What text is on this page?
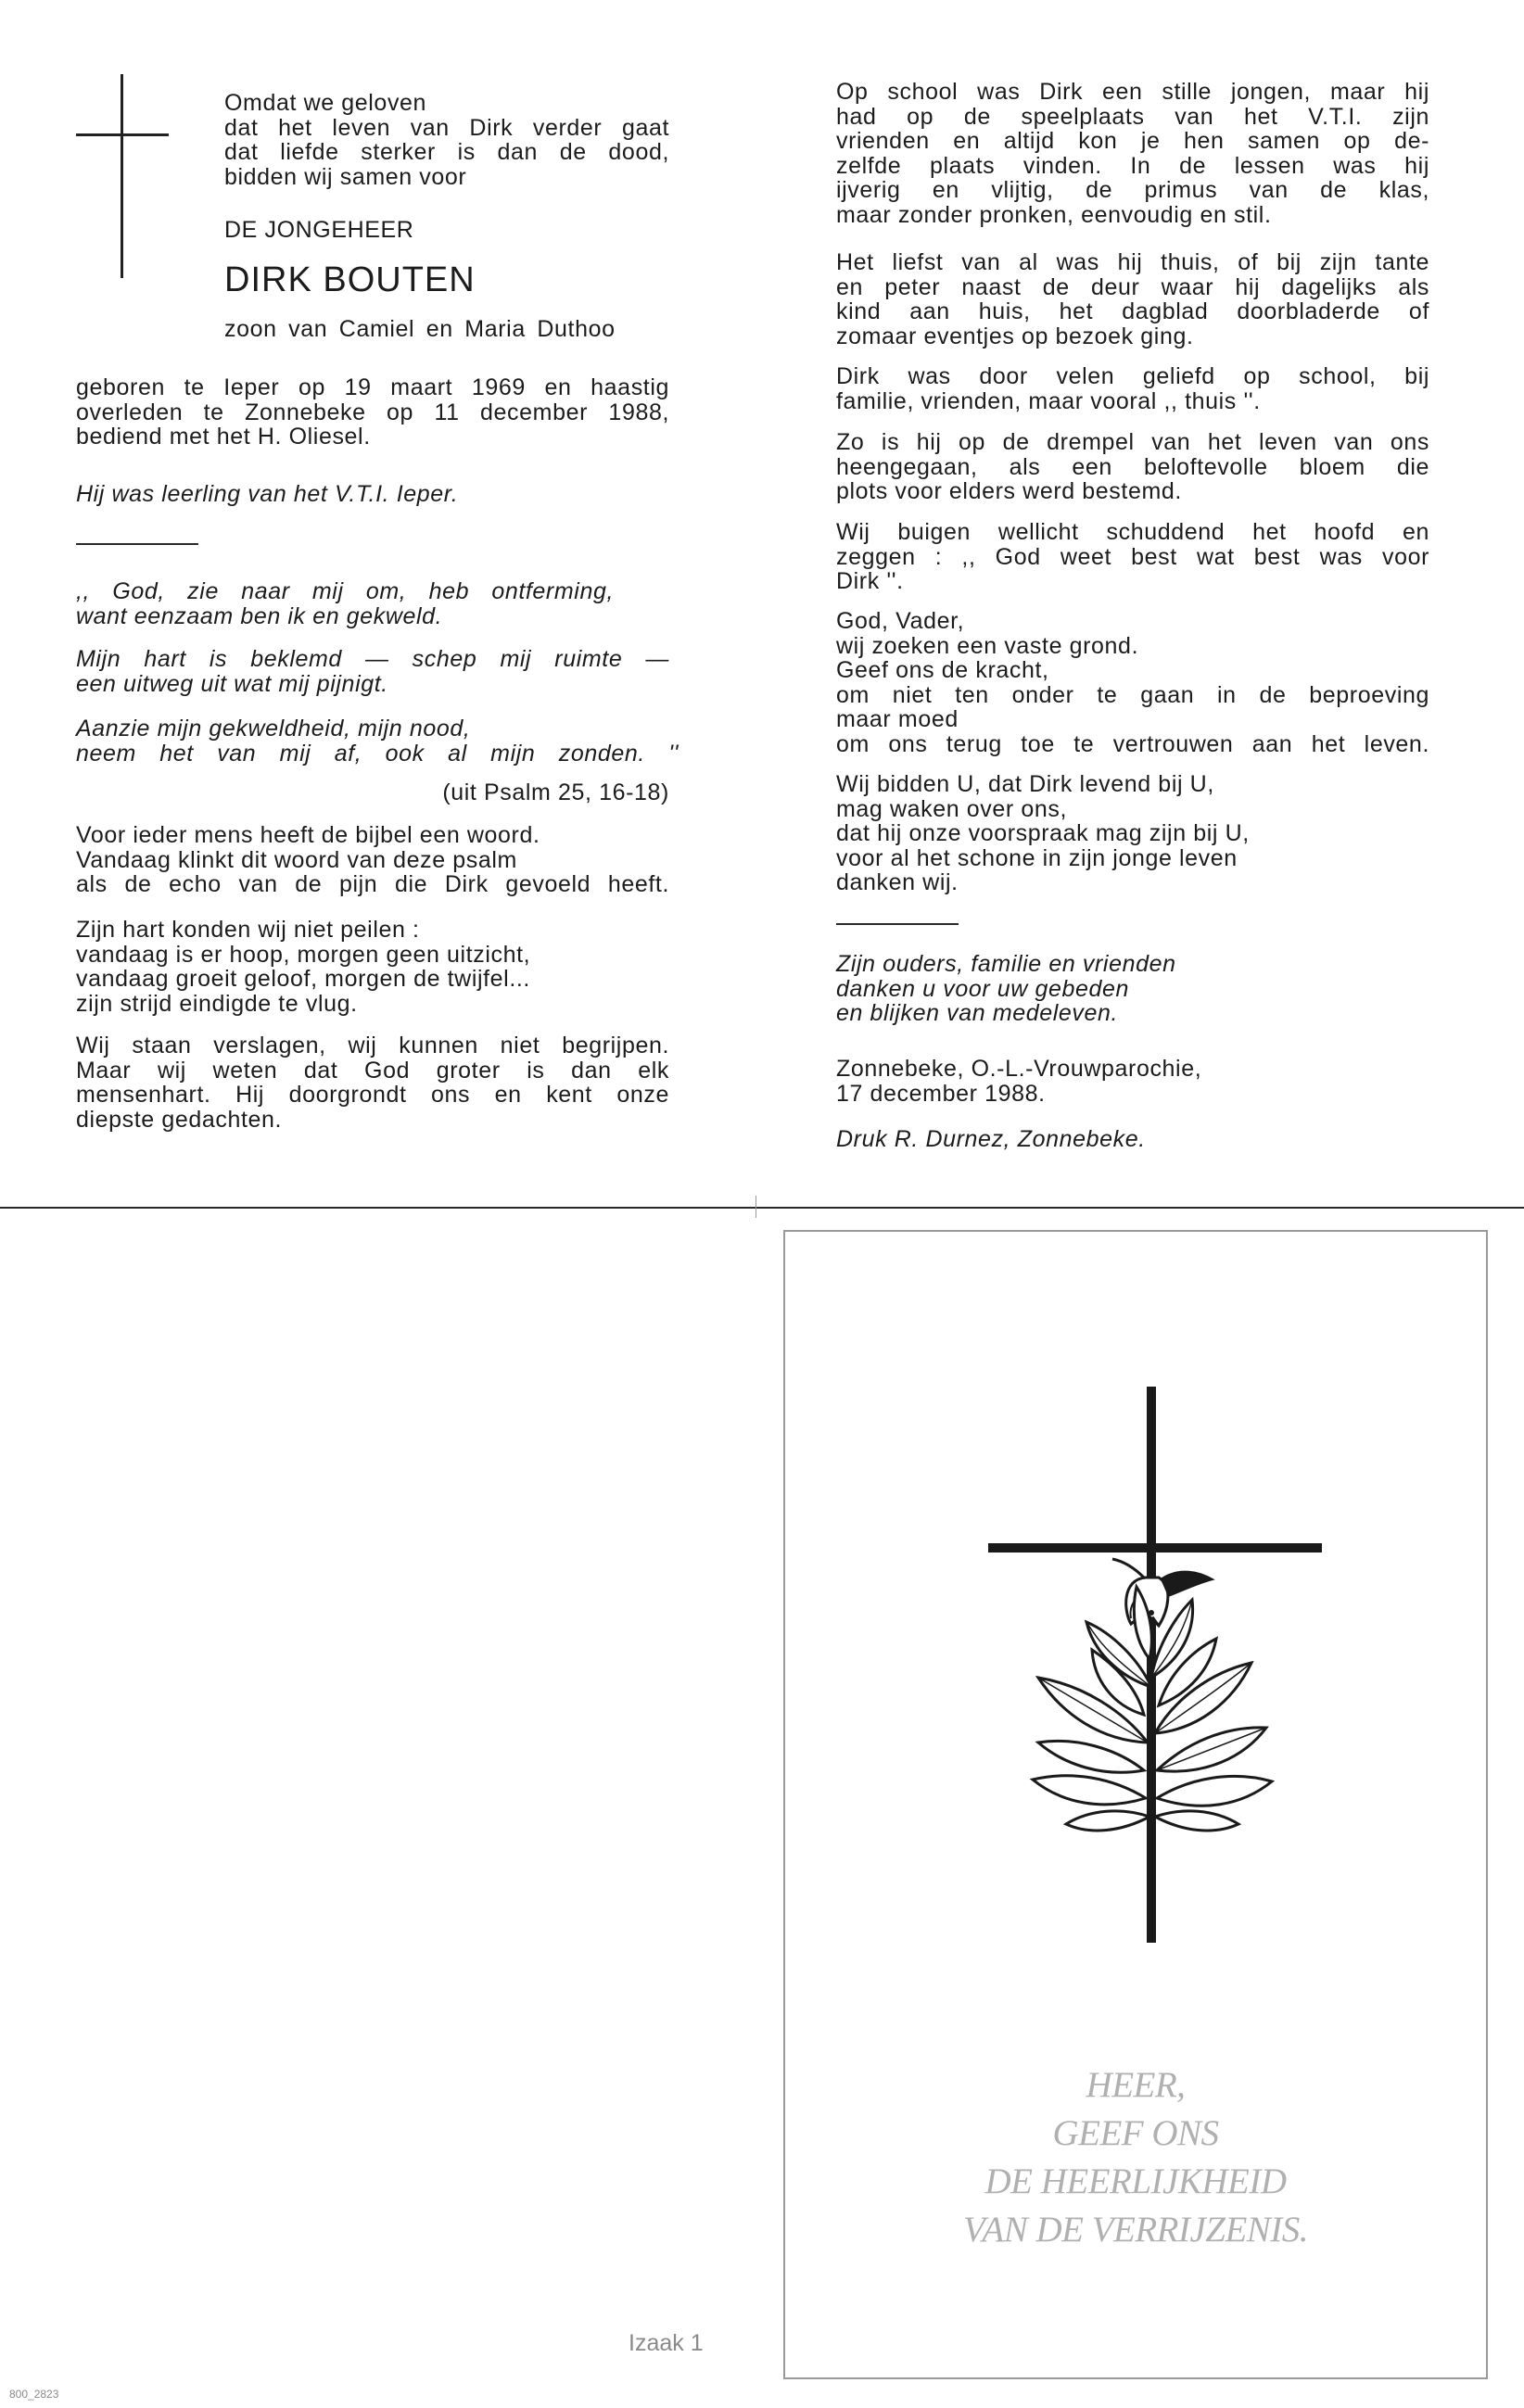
Omdat we geloven
dat het leven van Dirk verder gaat
dat liefde sterker is dan de dood,
bidden wij samen voor
DE JONGEHEER
DIRK BOUTEN
zoon van Camiel en Maria Duthoo
geboren te Ieper op 19 maart 1969 en haastig
overleden te Zonnebeke op 11 december 1988,
bediend met het H. Oliesel.
Hij was leerling van het V.T.I. Ieper.
,, God, zie naar mij om, heb ontferming,
want eenzaam ben ik en gekweld.
Mijn hart is beklemd — schep mij ruimte —
een uitweg uit wat mij pijnigt.
Aanzie mijn gekweldheid, mijn nood,
neem het van mij af, ook al mijn zonden. ''
(uit Psalm 25, 16-18)
Voor ieder mens heeft de bijbel een woord.
Vandaag klinkt dit woord van deze psalm
als de echo van de pijn die Dirk gevoeld heeft.
Zijn hart konden wij niet peilen :
vandaag is er hoop, morgen geen uitzicht,
vandaag groeit geloof, morgen de twijfel...
zijn strijd eindigde te vlug.
Wij staan verslagen, wij kunnen niet begrijpen.
Maar wij weten dat God groter is dan elk
mensenhart. Hij doorgrondt ons en kent onze
diepste gedachten.
Op school was Dirk een stille jongen, maar hij
had op de speelplaats van het V.T.I. zijn
vrienden en altijd kon je hen samen op de-
zelfde plaats vinden. In de lessen was hij
ijverig en vlijtig, de primus van de klas,
maar zonder pronken, eenvoudig en stil.
Het liefst van al was hij thuis, of bij zijn tante
en peter naast de deur waar hij dagelijks als
kind aan huis, het dagblad doorbladerde of
zomaar eventjes op bezoek ging.
Dirk was door velen geliefd op school, bij
familie, vrienden, maar vooral ,, thuis ''.
Zo is hij op de drempel van het leven van ons
heengegaan, als een beloftevolle bloem die
plots voor elders werd bestemd.
Wij buigen wellicht schuddend het hoofd en
zeggen : ,, God weet best wat best was voor
Dirk ''.
God, Vader,
wij zoeken een vaste grond.
Geef ons de kracht,
om niet ten onder te gaan in de beproeving
maar moed
om ons terug toe te vertrouwen aan het leven.
Wij bidden U, dat Dirk levend bij U,
mag waken over ons,
dat hij onze voorspraak mag zijn bij U,
voor al het schone in zijn jonge leven
danken wij.
Zijn ouders, familie en vrienden
danken u voor uw gebeden
en blijken van medeleven.
Zonnebeke, O.-L.-Vrouwparochie,
17 december 1988.
Druk R. Durnez, Zonnebeke.
HEER,
GEEF ONS
DE HEERLIJKHEID
VAN DE VERRIJZENIS.
Izaak 1
800_2823
